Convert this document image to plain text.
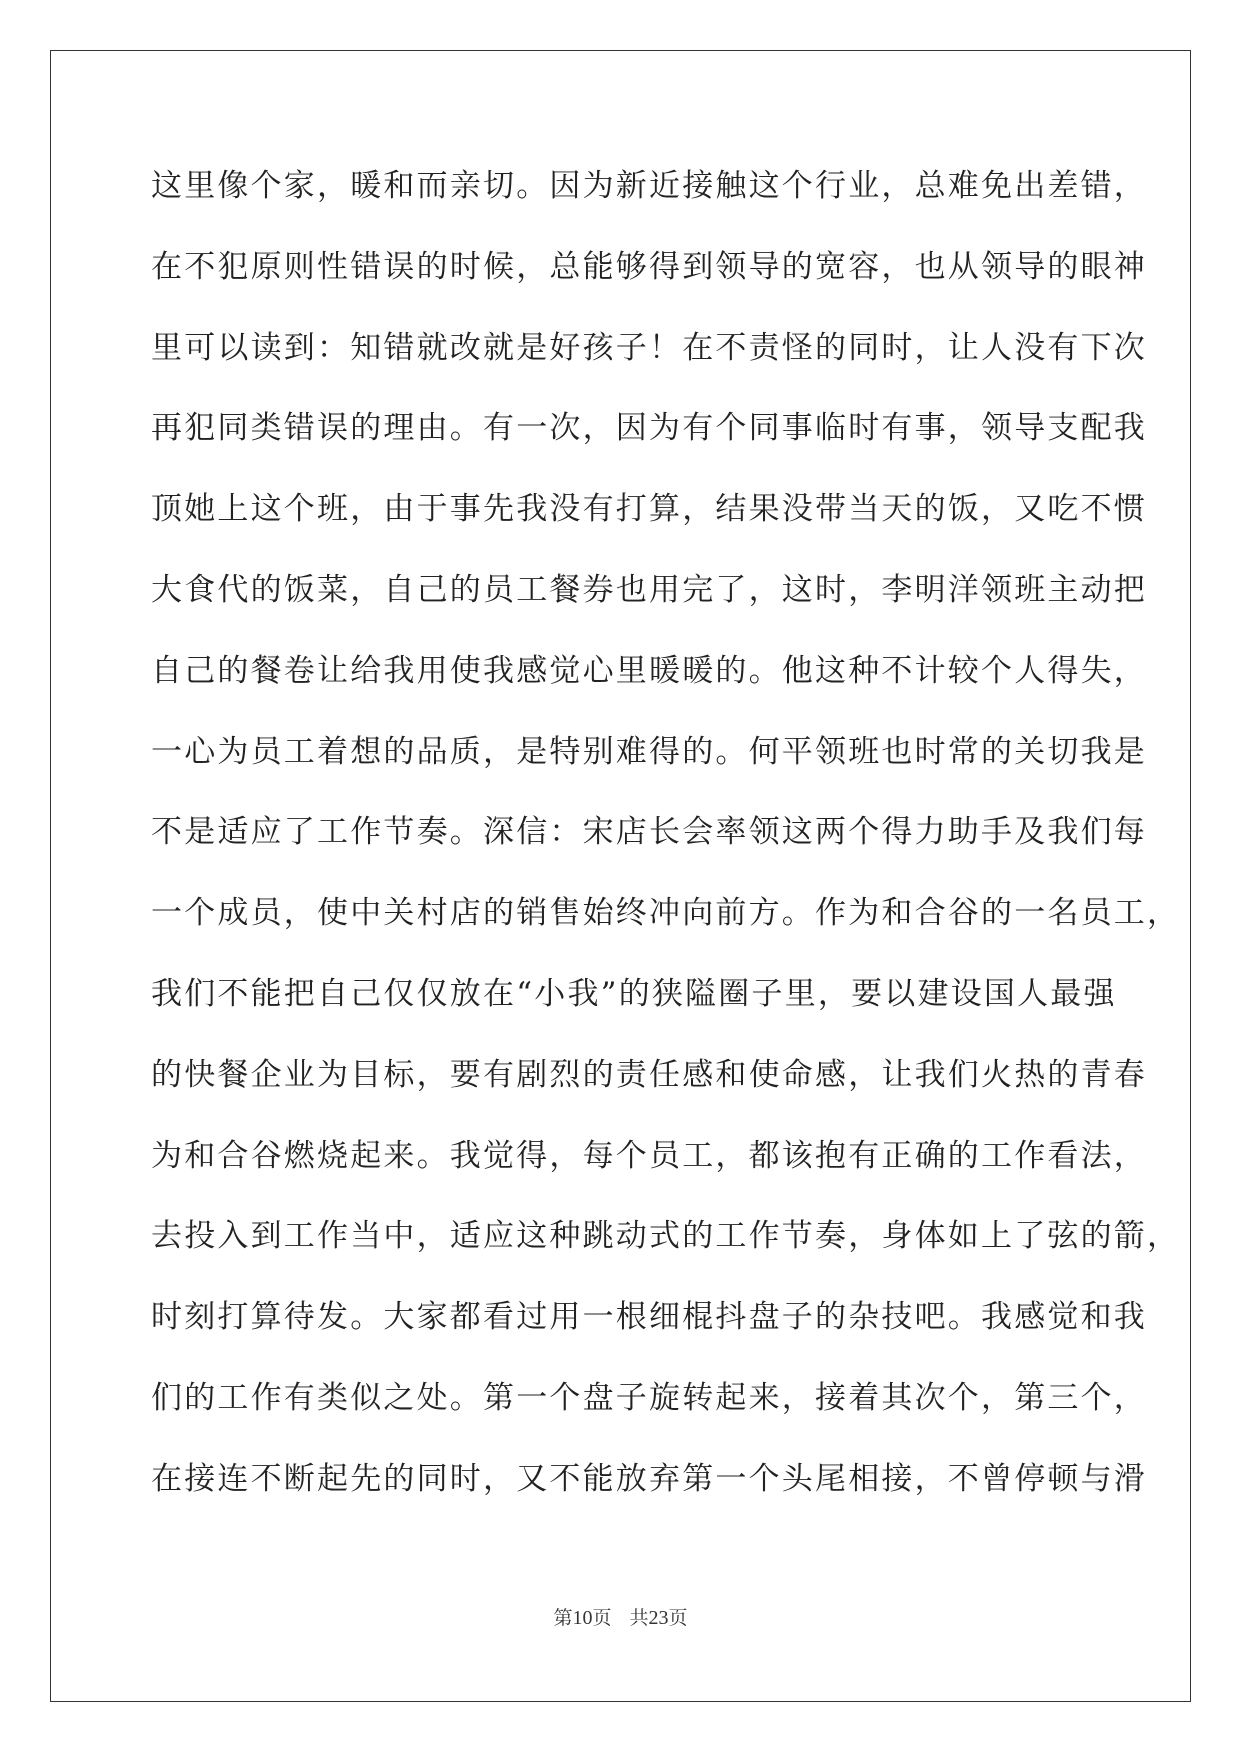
这里像个家，暖和而亲切。因为新近接触这个行业，总难免出差错，
在不犯原则性错误的时候，总能够得到领导的宽容，也从领导的眼神
里可以读到：知错就改就是好孩子！在不责怪的同时，让人没有下次
再犯同类错误的理由。有一次，因为有个同事临时有事，领导支配我
顶她上这个班，由于事先我没有打算，结果没带当天的饭，又吃不惯
大食代的饭菜，自己的员工餐券也用完了，这时，李明洋领班主动把
自己的餐卷让给我用使我感觉心里暖暖的。他这种不计较个人得失，
一心为员工着想的品质，是特别难得的。何平领班也时常的关切我是
不是适应了工作节奏。深信：宋店长会率领这两个得力助手及我们每
一个成员，使中关村店的销售始终冲向前方。作为和合谷的一名员工，
我们不能把自己仅仅放在“小我”的狭隘圈子里，要以建设国人最强
的快餐企业为目标，要有剧烈的责任感和使命感，让我们火热的青春
为和合谷燃烧起来。我觉得，每个员工，都该抱有正确的工作看法，
去投入到工作当中，适应这种跳动式的工作节奏，身体如上了弦的箭，
时刻打算待发。大家都看过用一根细棍抖盘子的杂技吧。我感觉和我
们的工作有类似之处。第一个盘子旋转起来，接着其次个，第三个，
在接连不断起先的同时，又不能放弃第一个头尾相接，不曾停顿与滑
第10页 共23页
